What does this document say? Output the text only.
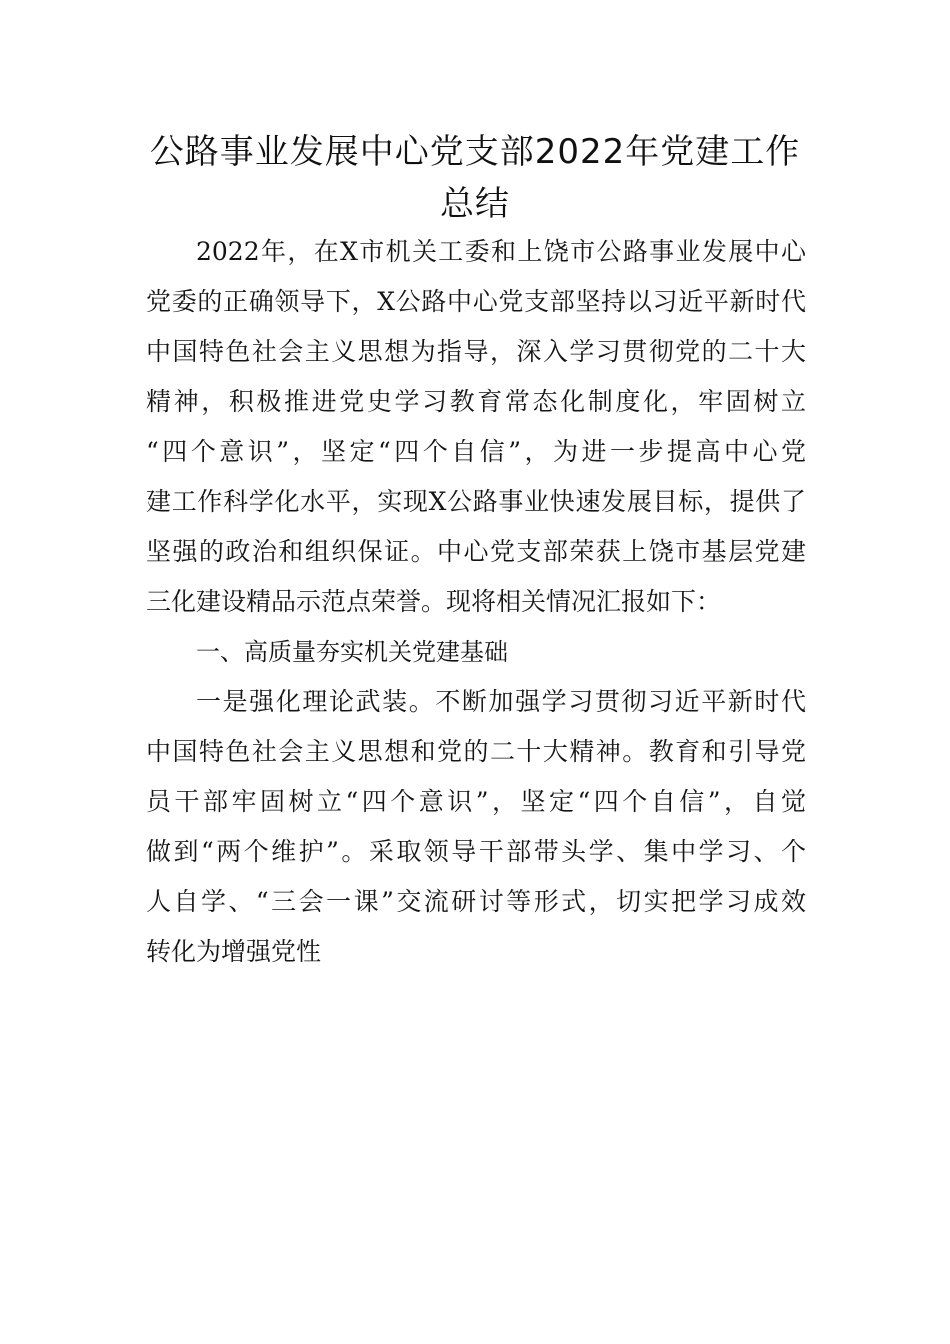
公路事业发展中心党支部2022年党建工作
总结
2022年，在X市机关工委和上饶市公路事业发展中心
党委的正确领导下，X公路中心党支部坚持以习近平新时代
中国特色社会主义思想为指导，深入学习贯彻党的二十大
精神，积极推进党史学习教育常态化制度化，牢固树立
“四个意识”，坚定“四个自信”，为进一步提高中心党
建工作科学化水平，实现X公路事业快速发展目标，提供了
坚强的政治和组织保证。中心党支部荣获上饶市基层党建
三化建设精品示范点荣誉。现将相关情况汇报如下：
一、高质量夯实机关党建基础
一是强化理论武装。不断加强学习贯彻习近平新时代
中国特色社会主义思想和党的二十大精神。教育和引导党
员干部牢固树立“四个意识”，坚定“四个自信”，自觉
做到“两个维护”。采取领导干部带头学、集中学习、个
人自学、“三会一课”交流研讨等形式，切实把学习成效
转化为增强党性
